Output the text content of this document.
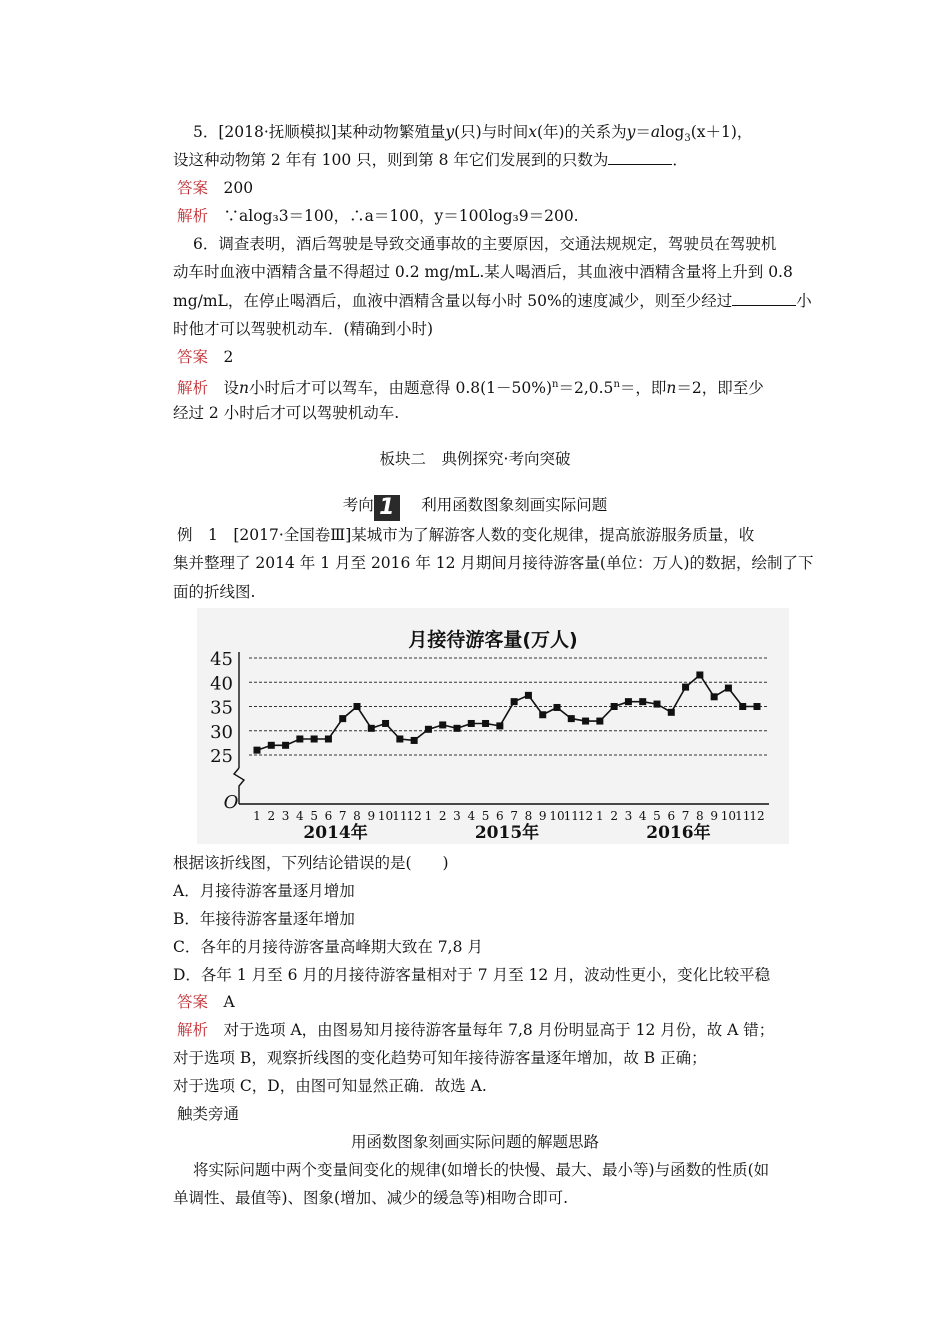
5．[2018·抚顺模拟]某种动物繁殖量y(只)与时间x(年)的关系为y＝alog$_3$(x＋1)，
设这种动物第 2 年有 100 只，则到第 8 年它们发展到的只数为	．
答案　 200
解析　 ∵alog₃3＝100，∴a＝100，y＝100log₃9＝200.
6．调查表明，酒后驾驶是导致交通事故的主要原因，交通法规规定，驾驶员在驾驶机
动车时血液中酒精含量不得超过 0.2 mg/mL.某人喝酒后，其血液中酒精含量将上升到 0.8
mg/mL，在停止喝酒后，血液中酒精含量以每小时 50%的速度减少，则至少经过	小
时他才可以驾驶机动车．(精确到小时)
答案　 2
解析　 设n小时后才可以驾车，由题意得 $0.8(1-50\%)^n=2,0.5^n=$，即n＝2，即至少
经过 2 小时后才可以驾驶机动车.
板块二　典例探究·考向突破
考向 1　 利用函数图象刻画实际问题
例　1　[2017·全国卷Ⅲ]某城市为了解游客人数的变化规律，提高旅游服务质量，收
集并整理了 2014 年 1 月至 2016 年 12 月期间月接待游客量(单位：万人)的数据，绘制了下
面的折线图.
月接待游客量(万人)
O
25
30
35
40
45
1 2 3 4 5 6 7 8 9 10 11 12 1 2 3 4 5 6 7 8 9 10 11 12 1 2 3 4 5 6 7 8 9 10 11 12
2014年	2015年	2016年
根据该折线图，下列结论错误的是(　　)
A．月接待游客量逐月增加
B．年接待游客量逐年增加
C．各年的月接待游客量高峰期大致在 7,8 月
D．各年 1 月至 6 月的月接待游客量相对于 7 月至 12 月，波动性更小，变化比较平稳
答案　 A
解析　 对于选项 A，由图易知月接待游客量每年 7,8 月份明显高于 12 月份，故 A 错；
对于选项 B，观察折线图的变化趋势可知年接待游客量逐年增加，故 B 正确；
对于选项 C，D，由图可知显然正确．故选 A.
触类旁通
用函数图象刻画实际问题的解题思路
将实际问题中两个变量间变化的规律(如增长的快慢、最大、最小等)与函数的性质(如
单调性、最值等)、图象(增加、减少的缓急等)相吻合即可.
